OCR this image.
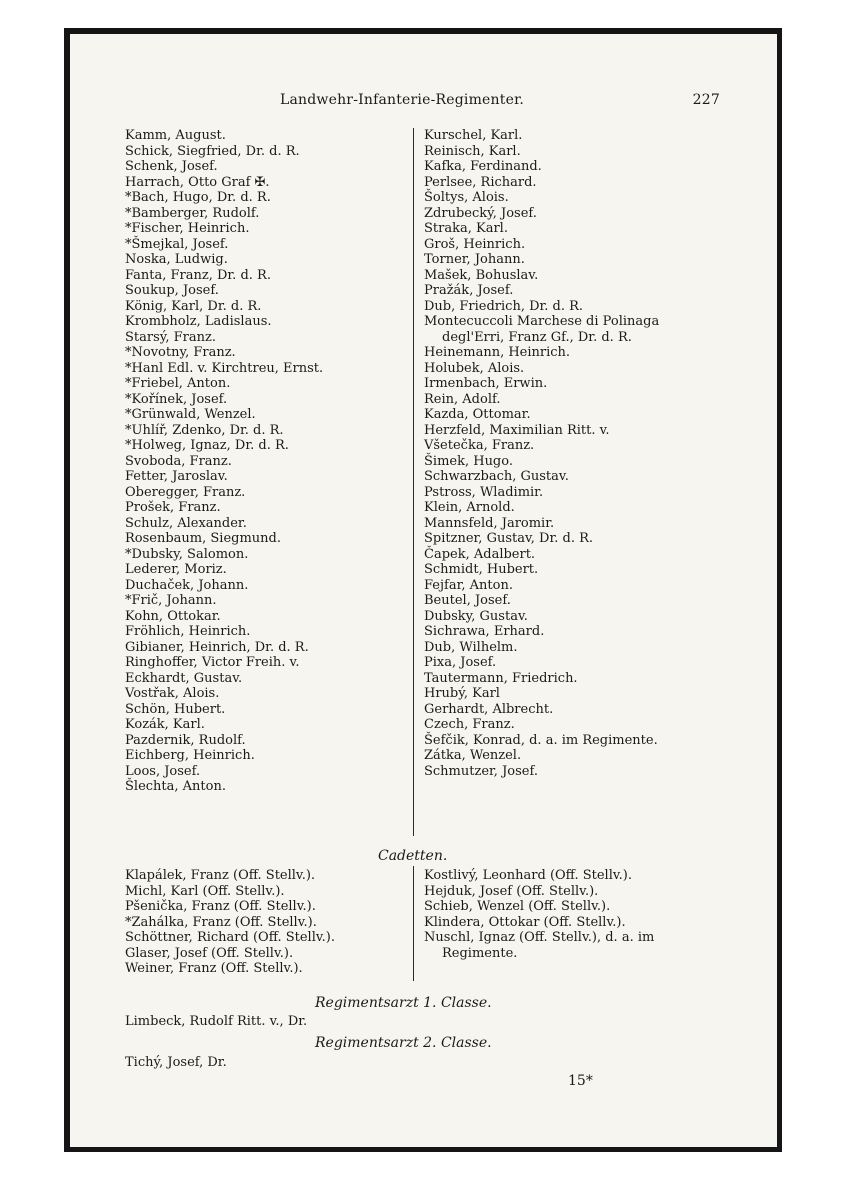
Landwehr-Infanterie-Regimenter.	227
Kamm, August.
Schick, Siegfried, Dr. d. R.
Schenk, Josef.
Harrach, Otto Graf ✠.
*Bach, Hugo, Dr. d. R.
*Bamberger, Rudolf.
*Fischer, Heinrich.
*Šmejkal, Josef.
Noska, Ludwig.
Fanta, Franz, Dr. d. R.
Soukup, Josef.
König, Karl, Dr. d. R.
Krombholz, Ladislaus.
Starsý, Franz.
*Novotny, Franz.
*Hanl Edl. v. Kirchtreu, Ernst.
*Friebel, Anton.
*Kořínek, Josef.
*Grünwald, Wenzel.
*Uhlíř, Zdenko, Dr. d. R.
*Holweg, Ignaz, Dr. d. R.
Svoboda, Franz.
Fetter, Jaroslav.
Oberegger, Franz.
Prošek, Franz.
Schulz, Alexander.
Rosenbaum, Siegmund.
*Dubsky, Salomon.
Lederer, Moriz.
Duchaček, Johann.
*Frič, Johann.
Kohn, Ottokar.
Fröhlich, Heinrich.
Gibianer, Heinrich, Dr. d. R.
Ringhoffer, Victor Freih. v.
Eckhardt, Gustav.
Vostřak, Alois.
Schön, Hubert.
Kozák, Karl.
Pazdernik, Rudolf.
Eichberg, Heinrich.
Loos, Josef.
Šlechta, Anton.
Kurschel, Karl.
Reinisch, Karl.
Kafka, Ferdinand.
Perlsee, Richard.
Šoltys, Alois.
Zdrubecký, Josef.
Straka, Karl.
Groš, Heinrich.
Torner, Johann.
Mašek, Bohuslav.
Pražák, Josef.
Dub, Friedrich, Dr. d. R.
Montecuccoli Marchese di Polinaga
degl'Erri, Franz Gf., Dr. d. R.
Heinemann, Heinrich.
Holubek, Alois.
Irmenbach, Erwin.
Rein, Adolf.
Kazda, Ottomar.
Herzfeld, Maximilian Ritt. v.
Všetečka, Franz.
Šimek, Hugo.
Schwarzbach, Gustav.
Pstross, Wladimir.
Klein, Arnold.
Mannsfeld, Jaromir.
Spitzner, Gustav, Dr. d. R.
Čapek, Adalbert.
Schmidt, Hubert.
Fejfar, Anton.
Beutel, Josef.
Dubsky, Gustav.
Sichrawa, Erhard.
Dub, Wilhelm.
Pixa, Josef.
Tautermann, Friedrich.
Hrubý, Karl
Gerhardt, Albrecht.
Czech, Franz.
Šefčik, Konrad, d. a. im Regimente.
Zátka, Wenzel.
Schmutzer, Josef.
Cadetten.
Klapálek, Franz (Off. Stellv.).
Michl, Karl (Off. Stellv.).
Pšenička, Franz (Off. Stellv.).
*Zahálka, Franz (Off. Stellv.).
Schöttner, Richard (Off. Stellv.).
Glaser, Josef (Off. Stellv.).
Weiner, Franz (Off. Stellv.).
Kostlivý, Leonhard (Off. Stellv.).
Hejduk, Josef (Off. Stellv.).
Schieb, Wenzel (Off. Stellv.).
Klindera, Ottokar (Off. Stellv.).
Nuschl, Ignaz (Off. Stellv.), d. a. im
Regimente.
Regimentsarzt 1. Classe.
Limbeck, Rudolf Ritt. v., Dr.
Regimentsarzt 2. Classe.
Tichý, Josef, Dr.
15*
